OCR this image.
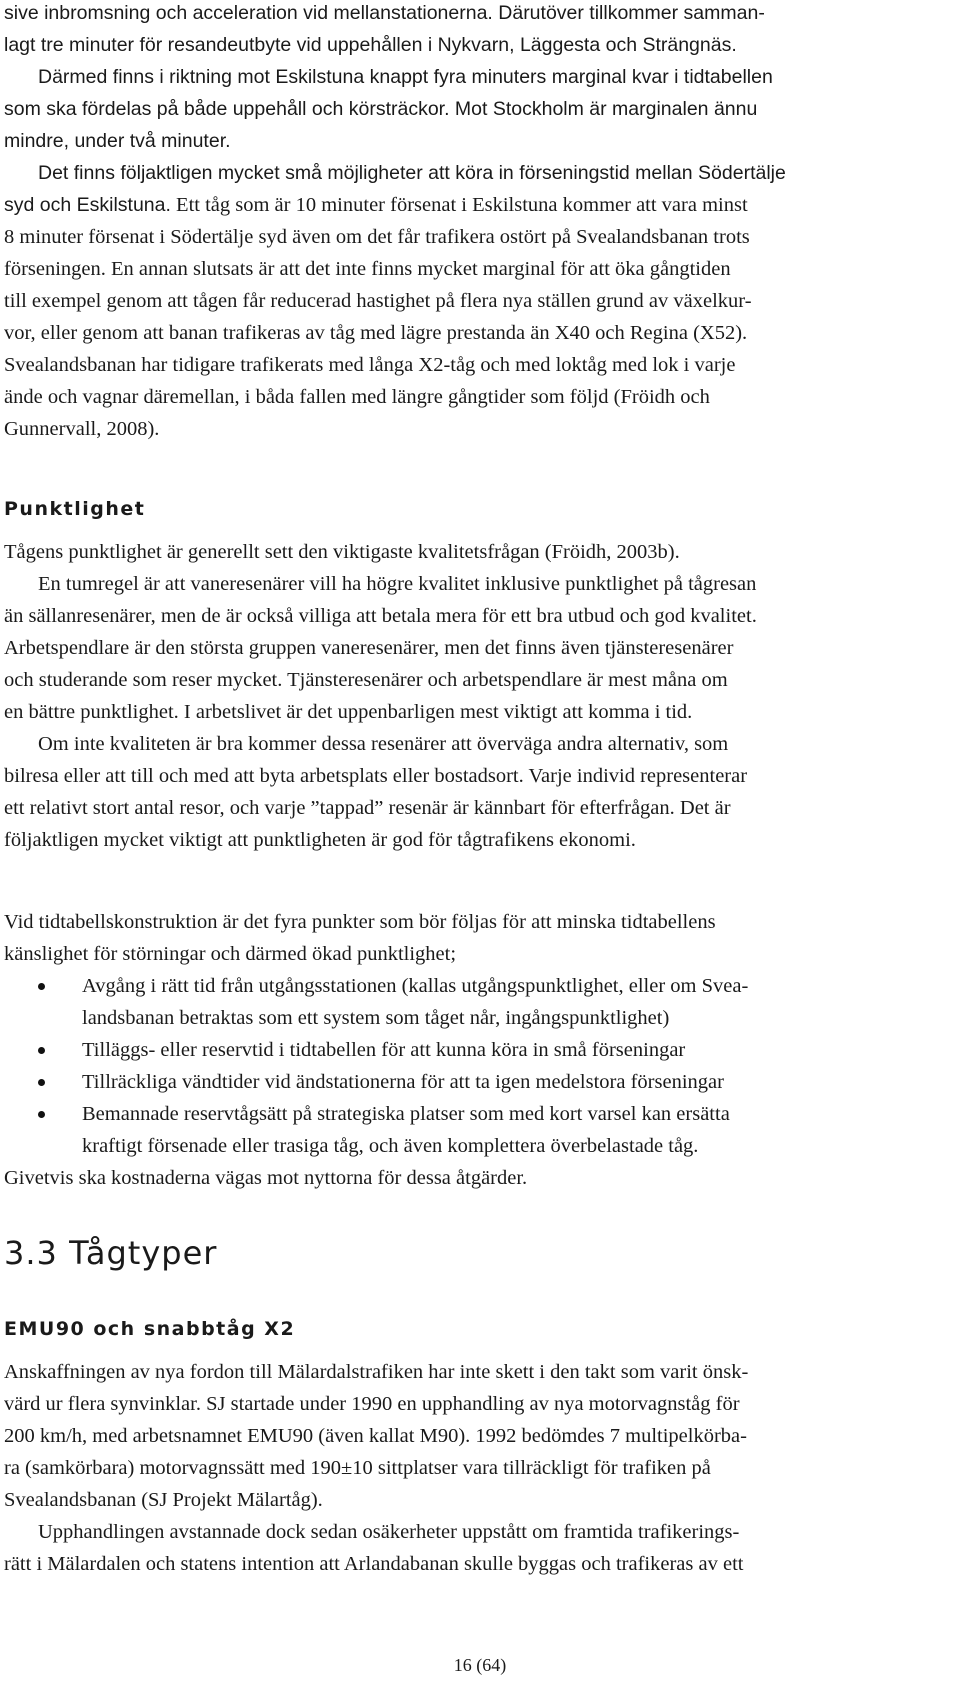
sive inbromsning och acceleration vid mellanstationerna. Därutöver tillkommer samman-

lagt tre minuter för resandeutbyte vid uppehållen i Nykvarn, Läggesta och Strängnäs.

Därmed finns i riktning mot Eskilstuna knappt fyra minuters marginal kvar i tidtabellen

som ska fördelas på både uppehåll och körsträckor. Mot Stockholm är marginalen ännu

mindre, under två minuter.

Det finns följaktligen mycket små möjligheter att köra in förseningstid mellan Södertälje

syd och Eskilstuna. Ett tåg som är 10 minuter försenat i Eskilstuna kommer att vara minst

8 minuter försenat i Södertälje syd även om det får trafikera ostört på Svealandsbanan trots

förseningen. En annan slutsats är att det inte finns mycket marginal för att öka gångtiden

till exempel genom att tågen får reducerad hastighet på flera nya ställen grund av växelkur-

vor, eller genom att banan trafikeras av tåg med lägre prestanda än X40 och Regina (X52).

Svealandsbanan har tidigare trafikerats med långa X2-tåg och med loktåg med lok i varje

ände och vagnar däremellan, i båda fallen med längre gångtider som följd (Fröidh och

Gunnervall, 2008).

Punktlighet

Tågens punktlighet är generellt sett den viktigaste kvalitetsfrågan (Fröidh, 2003b).

En tumregel är att vaneresenärer vill ha högre kvalitet inklusive punktlighet på tågresan

än sällanresenärer, men de är också villiga att betala mera för ett bra utbud och god kvalitet.

Arbetspendlare är den största gruppen vaneresenärer, men det finns även tjänsteresenärer

och studerande som reser mycket. Tjänsteresenärer och arbetspendlare är mest måna om

en bättre punktlighet. I arbetslivet är det uppenbarligen mest viktigt att komma i tid.

Om inte kvaliteten är bra kommer dessa resenärer att överväga andra alternativ, som

bilresa eller att till och med att byta arbetsplats eller bostadsort. Varje individ representerar

ett relativt stort antal resor, och varje ”tappad” resenär är kännbart för efterfrågan. Det är

följaktligen mycket viktigt att punktligheten är god för tågtrafikens ekonomi.

Vid tidtabellskonstruktion är det fyra punkter som bör följas för att minska tidtabellens

känslighet för störningar och därmed ökad punktlighet;

Avgång i rätt tid från utgångsstationen (kallas utgångspunktlighet, eller om Svea-
landsbanan betraktas som ett system som tåget når, ingångspunktlighet)
Tilläggs- eller reservtid i tidtabellen för att kunna köra in små förseningar
Tillräckliga vändtider vid ändstationerna för att ta igen medelstora förseningar
Bemannade reservtågsätt på strategiska platser som med kort varsel kan ersätta
kraftigt försenade eller trasiga tåg, och även komplettera överbelastade tåg.

Givetvis ska kostnaderna vägas mot nyttorna för dessa åtgärder.

3.3 Tågtyper
EMU90 och snabbtåg X2

Anskaffningen av nya fordon till Mälardalstrafiken har inte skett i den takt som varit önsk-

värd ur flera synvinklar. SJ startade under 1990 en upphandling av nya motorvagnståg för

200 km/h, med arbetsnamnet EMU90 (även kallat M90). 1992 bedömdes 7 multipelkörba-

ra (samkörbara) motorvagnssätt med 190±10 sittplatser vara tillräckligt för trafiken på

Svealandsbanan (SJ Projekt Mälartåg).

Upphandlingen avstannade dock sedan osäkerheter uppstått om framtida trafikerings-

rätt i Mälardalen och statens intention att Arlandabanan skulle byggas och trafikeras av ett

16 (64)
